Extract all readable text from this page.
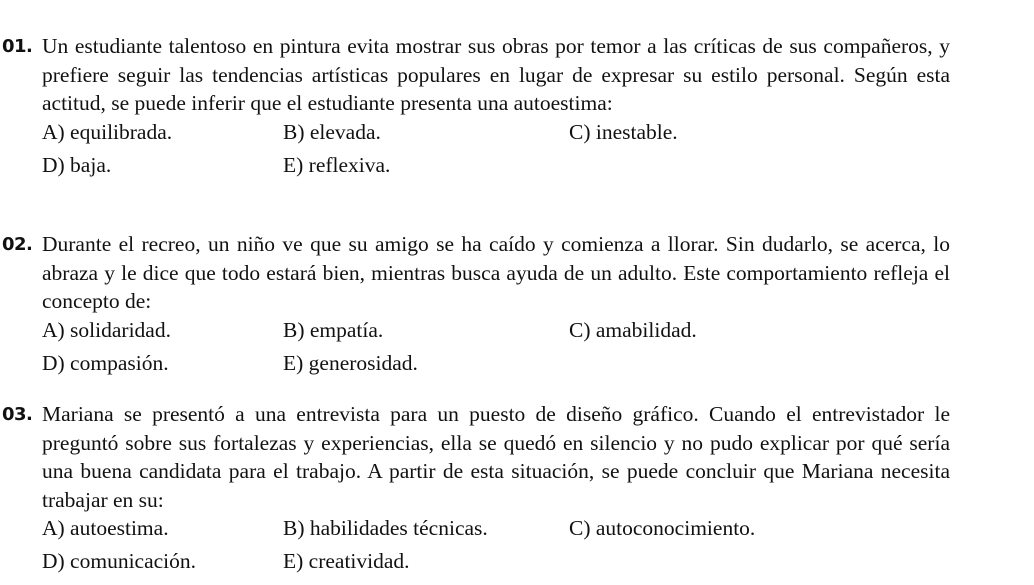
01. Un estudiante talentoso en pintura evita mostrar sus obras por temor a las críticas de sus compañeros, y prefiere seguir las tendencias artísticas populares en lugar de expresar su estilo personal. Según esta actitud, se puede inferir que el estudiante presenta una autoestima:
A) equilibrada.	B) elevada.	C) inestable.
D) baja.	E) reflexiva.
02. Durante el recreo, un niño ve que su amigo se ha caído y comienza a llorar. Sin dudarlo, se acerca, lo abraza y le dice que todo estará bien, mientras busca ayuda de un adulto. Este comportamiento refleja el concepto de:
A) solidaridad.	B) empatía.	C) amabilidad.
D) compasión.	E) generosidad.
03. Mariana se presentó a una entrevista para un puesto de diseño gráfico. Cuando el entrevistador le preguntó sobre sus fortalezas y experiencias, ella se quedó en silencio y no pudo explicar por qué sería una buena candidata para el trabajo. A partir de esta situación, se puede concluir que Mariana necesita trabajar en su:
A) autoestima.	B) habilidades técnicas.	C) autoconocimiento.
D) comunicación.	E) creatividad.
